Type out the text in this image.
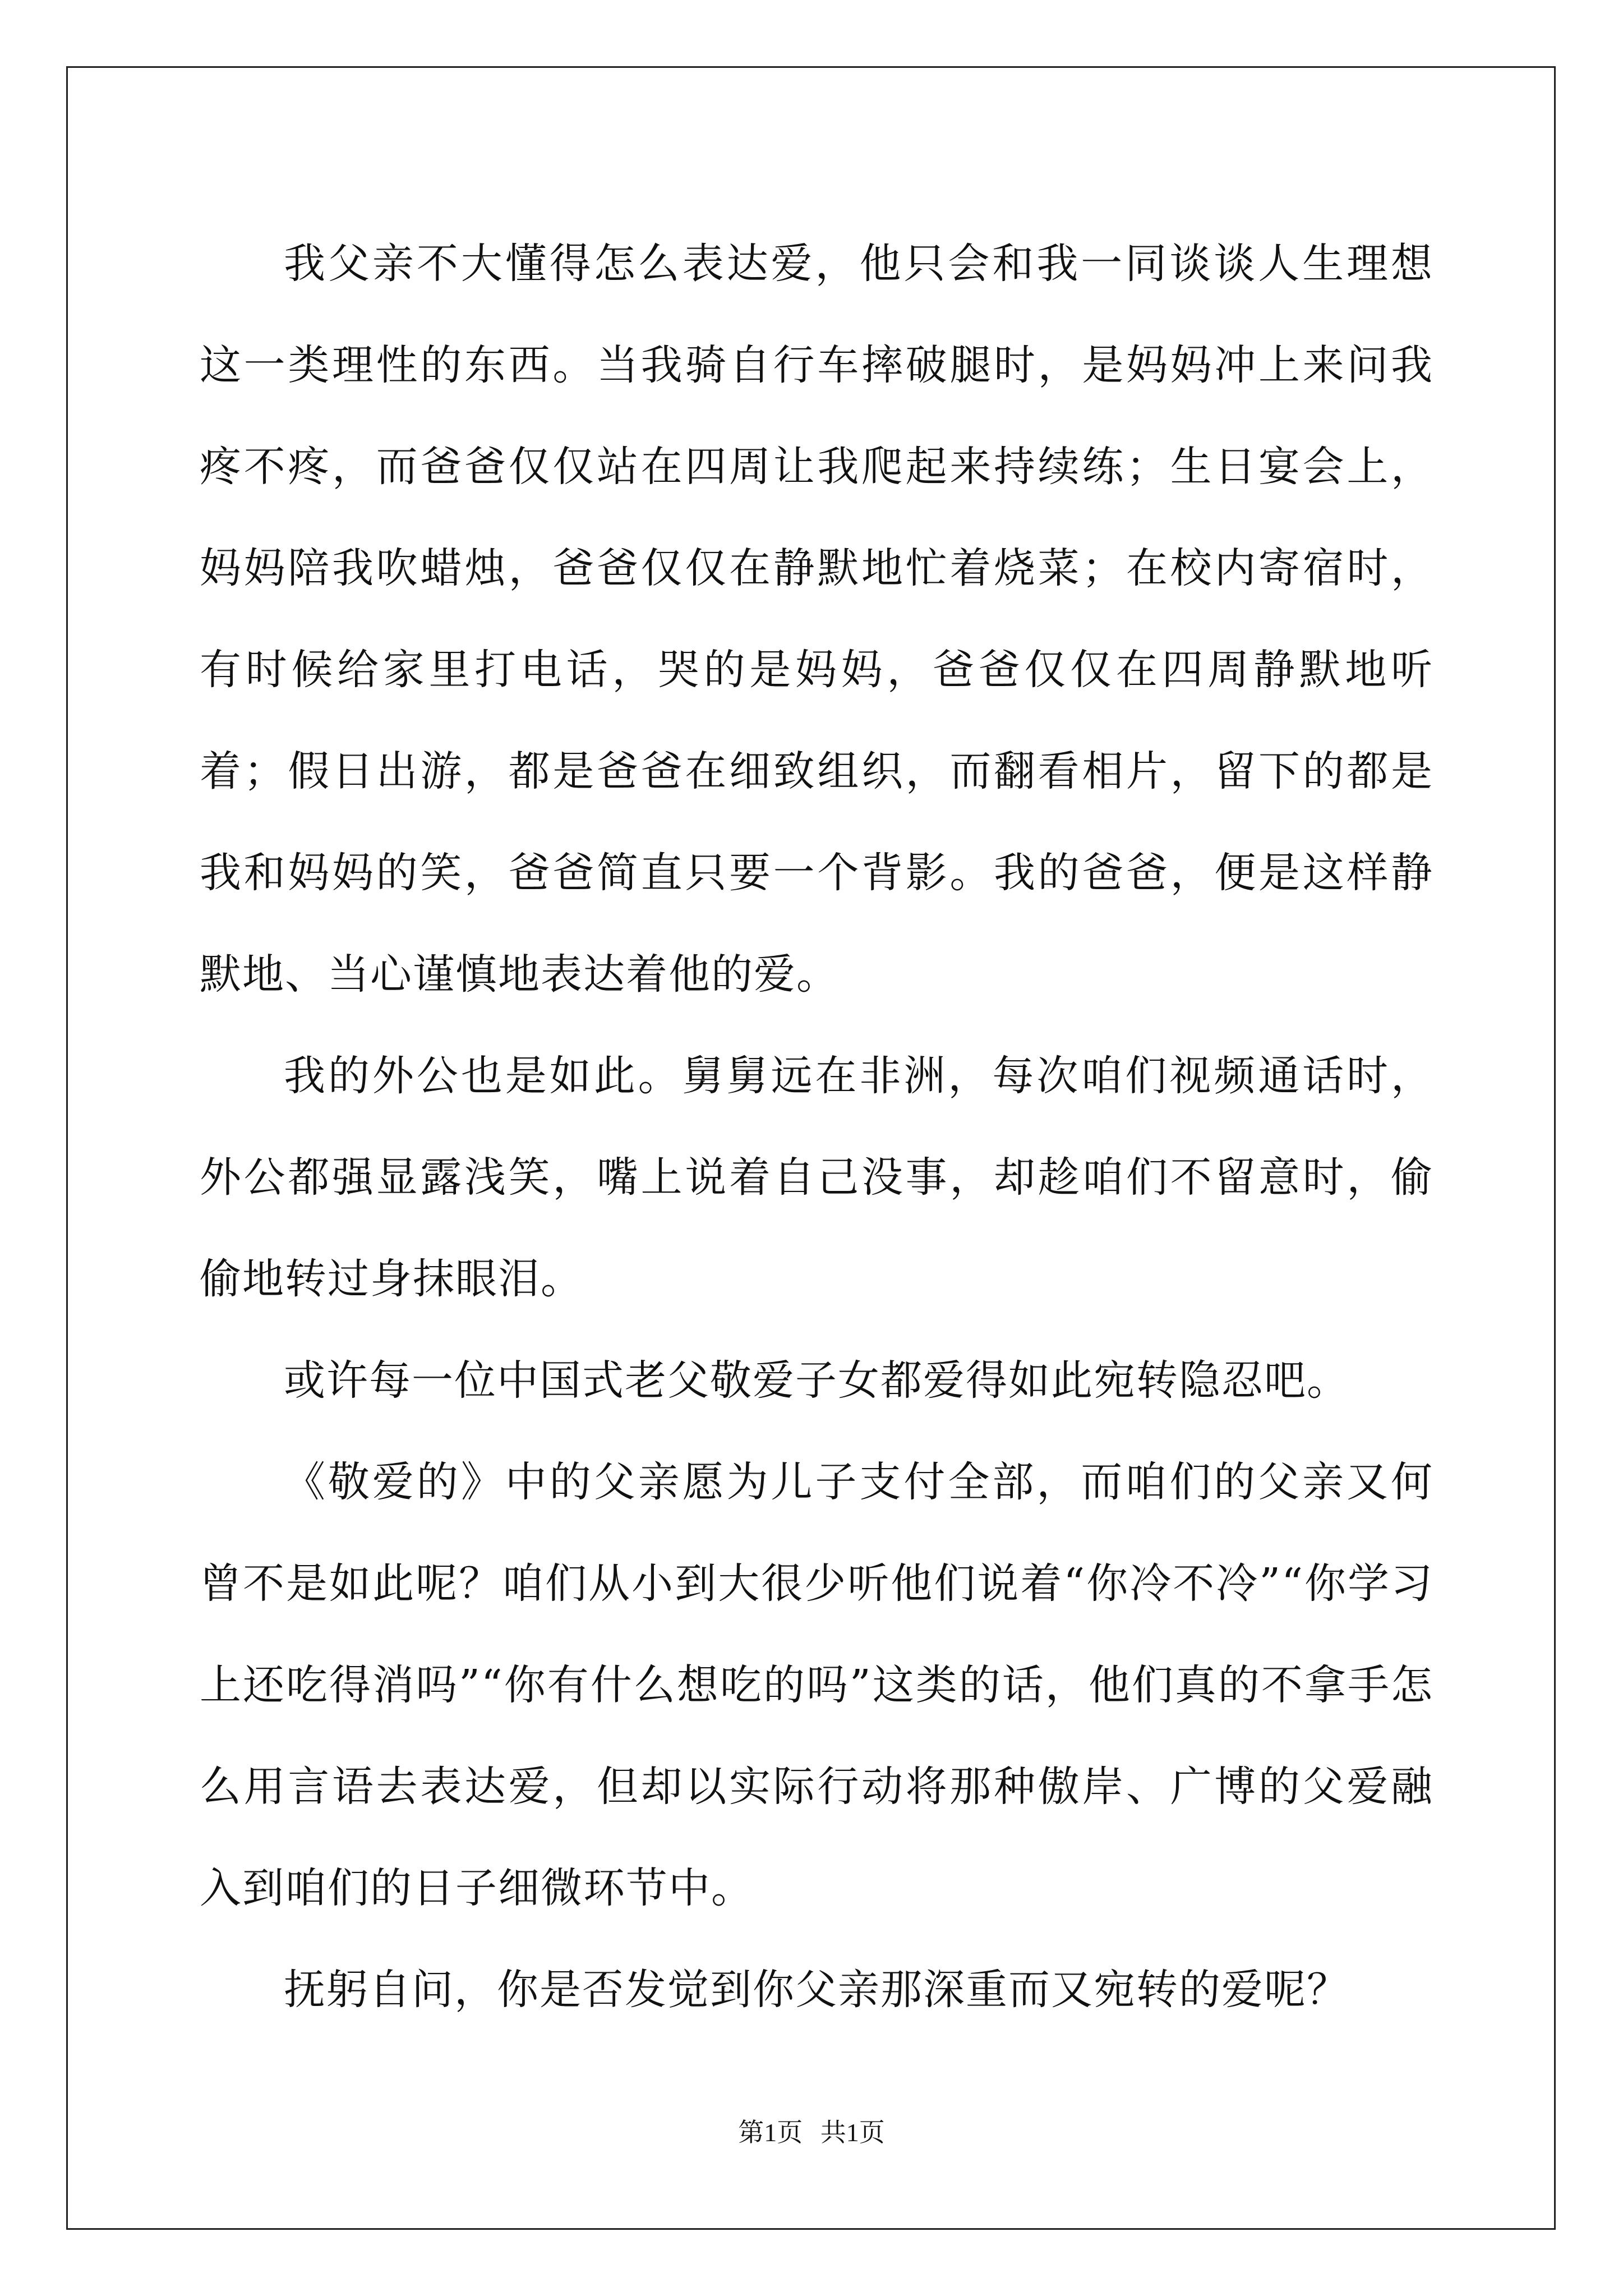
我父亲不大懂得怎么表达爱，他只会和我一同谈谈人生理想这一类理性的东西。当我骑自行车摔破腿时，是妈妈冲上来问我疼不疼，而爸爸仅仅站在四周让我爬起来持续练；生日宴会上，妈妈陪我吹蜡烛，爸爸仅仅在静默地忙着烧菜；在校内寄宿时，有时候给家里打电话，哭的是妈妈，爸爸仅仅在四周静默地听着；假日出游，都是爸爸在细致组织，而翻看相片，留下的都是我和妈妈的笑，爸爸简直只要一个背影。我的爸爸，便是这样静默地、当心谨慎地表达着他的爱。

我的外公也是如此。舅舅远在非洲，每次咱们视频通话时，外公都强显露浅笑，嘴上说着自己没事，却趁咱们不留意时，偷偷地转过身抹眼泪。

或许每一位中国式老父敬爱子女都爱得如此宛转隐忍吧。

《敬爱的》中的父亲愿为儿子支付全部，而咱们的父亲又何曾不是如此呢？咱们从小到大很少听他们说着“你冷不冷”“你学习上还吃得消吗”“你有什么想吃的吗”这类的话，他们真的不拿手怎么用言语去表达爱，但却以实际行动将那种傲岸、广博的父爱融入到咱们的日子细微环节中。

抚躬自问，你是否发觉到你父亲那深重而又宛转的爱呢？

第1页 共1页
